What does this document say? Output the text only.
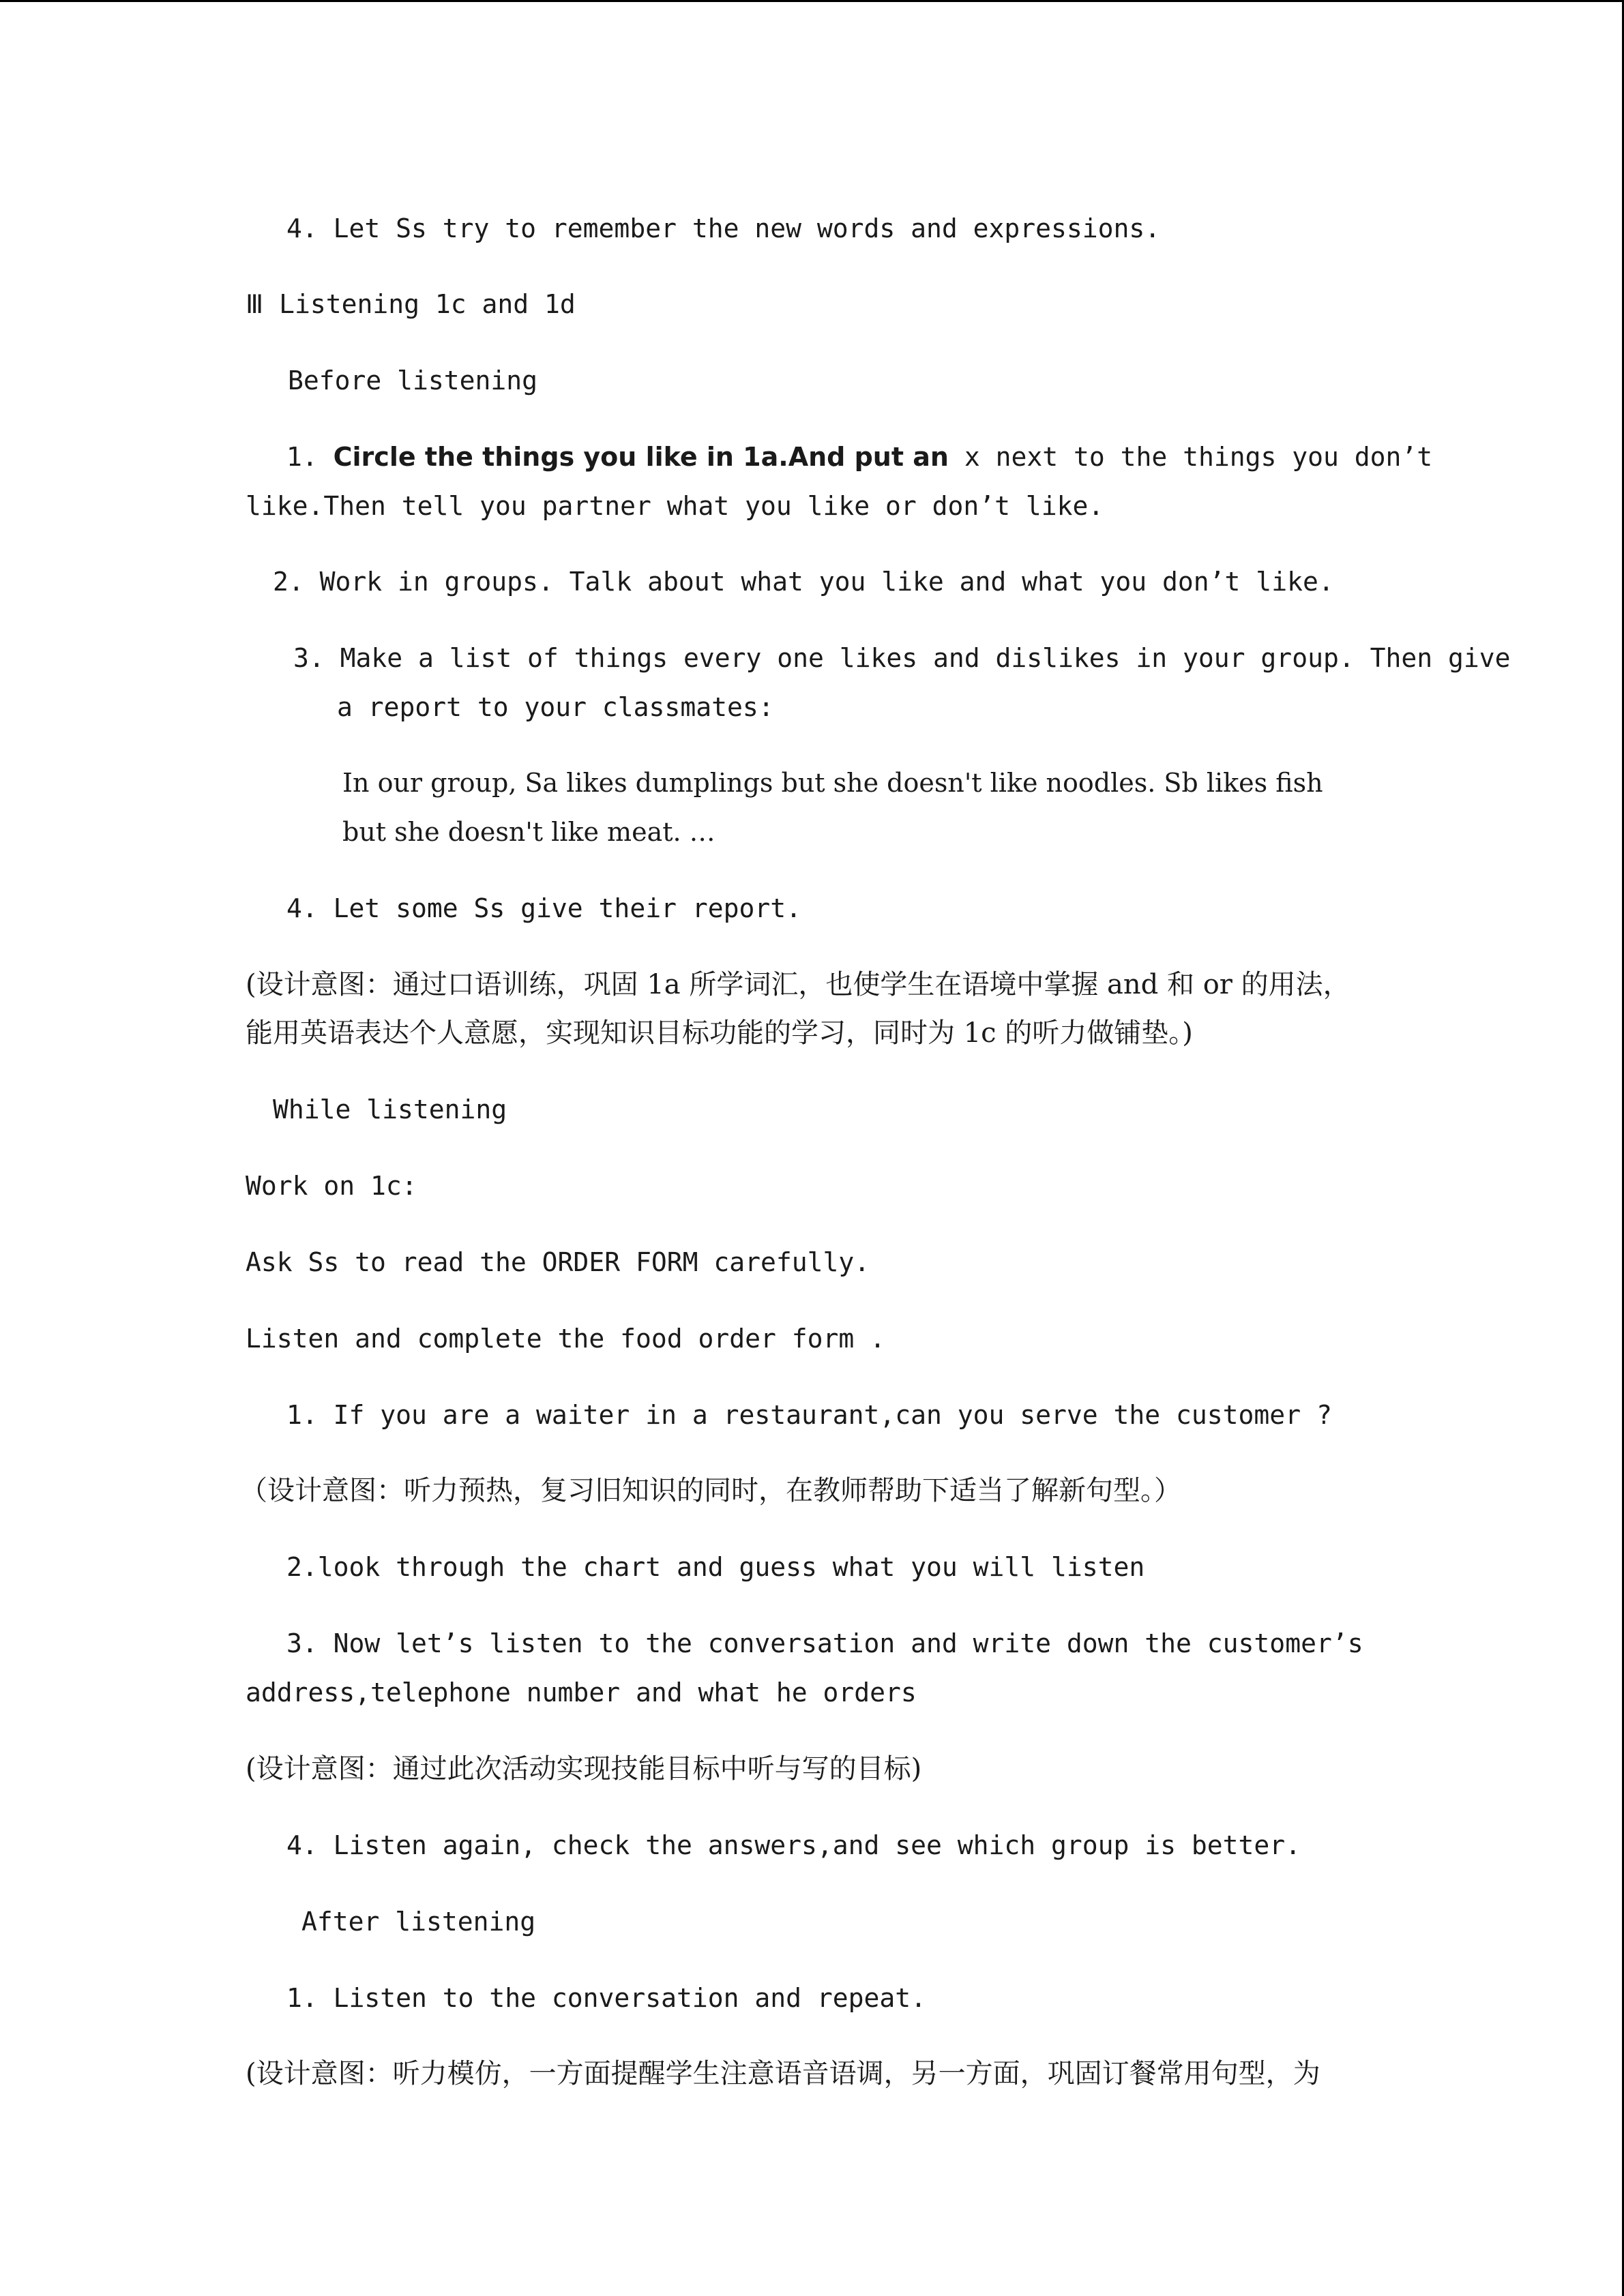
4. Let Ss try to remember the new words and expressions.
Ⅲ Listening 1c and 1d
Before listening
1. Circle the things you like in 1a.And put an x next to the things you don’t
like.Then tell you partner what you like or don’t like.
2. Work in groups. Talk about what you like and what you don’t like.
3. Make a list of things every one likes and dislikes in your group. Then give
a report to your classmates:
In our group, Sa likes dumplings but she doesn't like noodles. Sb likes fish
but she doesn't like meat. …
4. Let some Ss give their report.
(设计意图：通过口语训练，巩固 1a 所学词汇，也使学生在语境中掌握 and 和 or 的用法，
能用英语表达个人意愿，实现知识目标功能的学习，同时为 1c 的听力做铺垫。)
While listening
Work on 1c:
Ask Ss to read the ORDER FORM carefully.
Listen and complete the food order form .
1. If you are a waiter in a restaurant,can you serve the customer ?
（设计意图：听力预热，复习旧知识的同时，在教师帮助下适当了解新句型。）
2.look through the chart and guess what you will listen
3. Now let’s listen to the conversation and write down the customer’s
address,telephone number and what he orders
(设计意图：通过此次活动实现技能目标中听与写的目标)
4. Listen again, check the answers,and see which group is better.
After listening
1. Listen to the conversation and repeat.
(设计意图：听力模仿，一方面提醒学生注意语音语调，另一方面，巩固订餐常用句型，为
